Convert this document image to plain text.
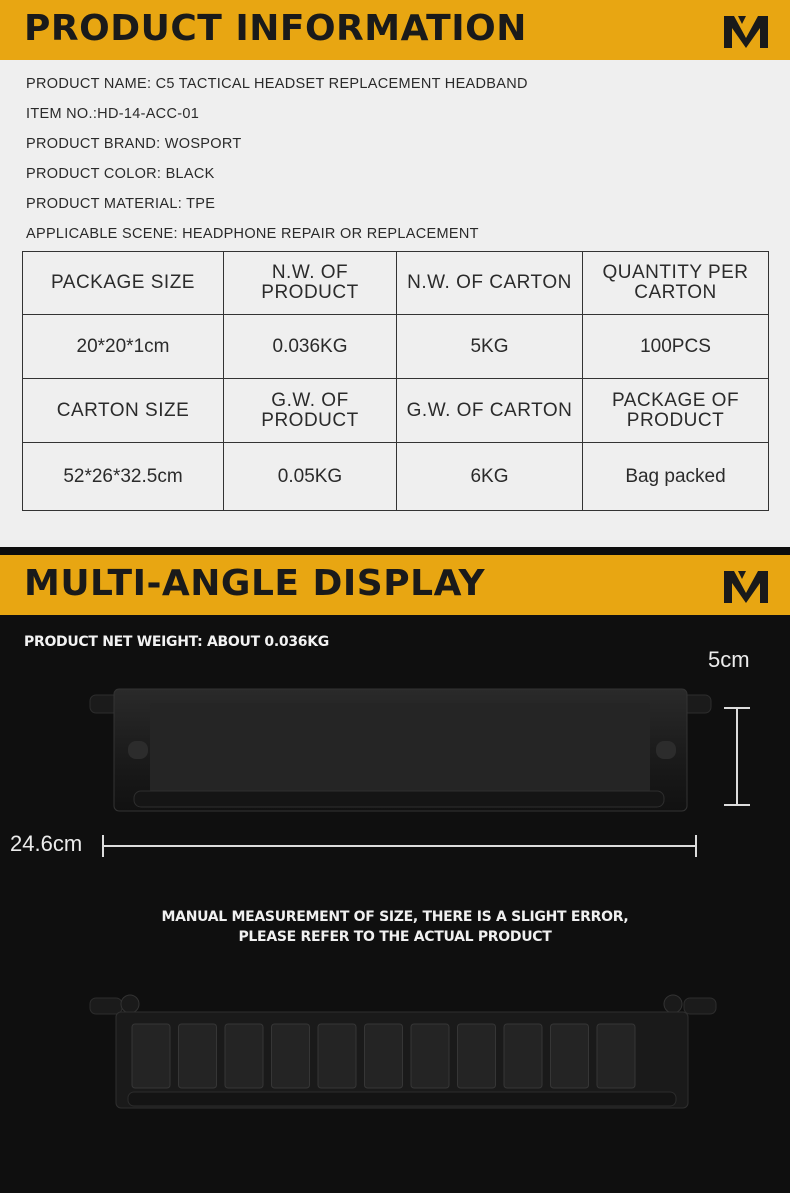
PRODUCT INFORMATION
PRODUCT NAME: C5 TACTICAL HEADSET REPLACEMENT HEADBAND
ITEM NO.:HD-14-ACC-01
PRODUCT BRAND: WOSPORT
PRODUCT COLOR: BLACK
PRODUCT MATERIAL: TPE
APPLICABLE SCENE: HEADPHONE REPAIR OR REPLACEMENT
PACKAGE SIZE	N.W. OF PRODUCT	N.W. OF CARTON	QUANTITY PER CARTON
20*20*1cm	0.036KG	5KG	100PCS
CARTON SIZE	G.W. OF PRODUCT	G.W. OF CARTON	PACKAGE OF PRODUCT
52*26*32.5cm	0.05KG	6KG	Bag packed
MULTI-ANGLE DISPLAY
PRODUCT NET WEIGHT: ABOUT 0.036KG
5cm
24.6cm
MANUAL MEASUREMENT OF SIZE, THERE IS A SLIGHT ERROR,
PLEASE REFER TO THE ACTUAL PRODUCT
